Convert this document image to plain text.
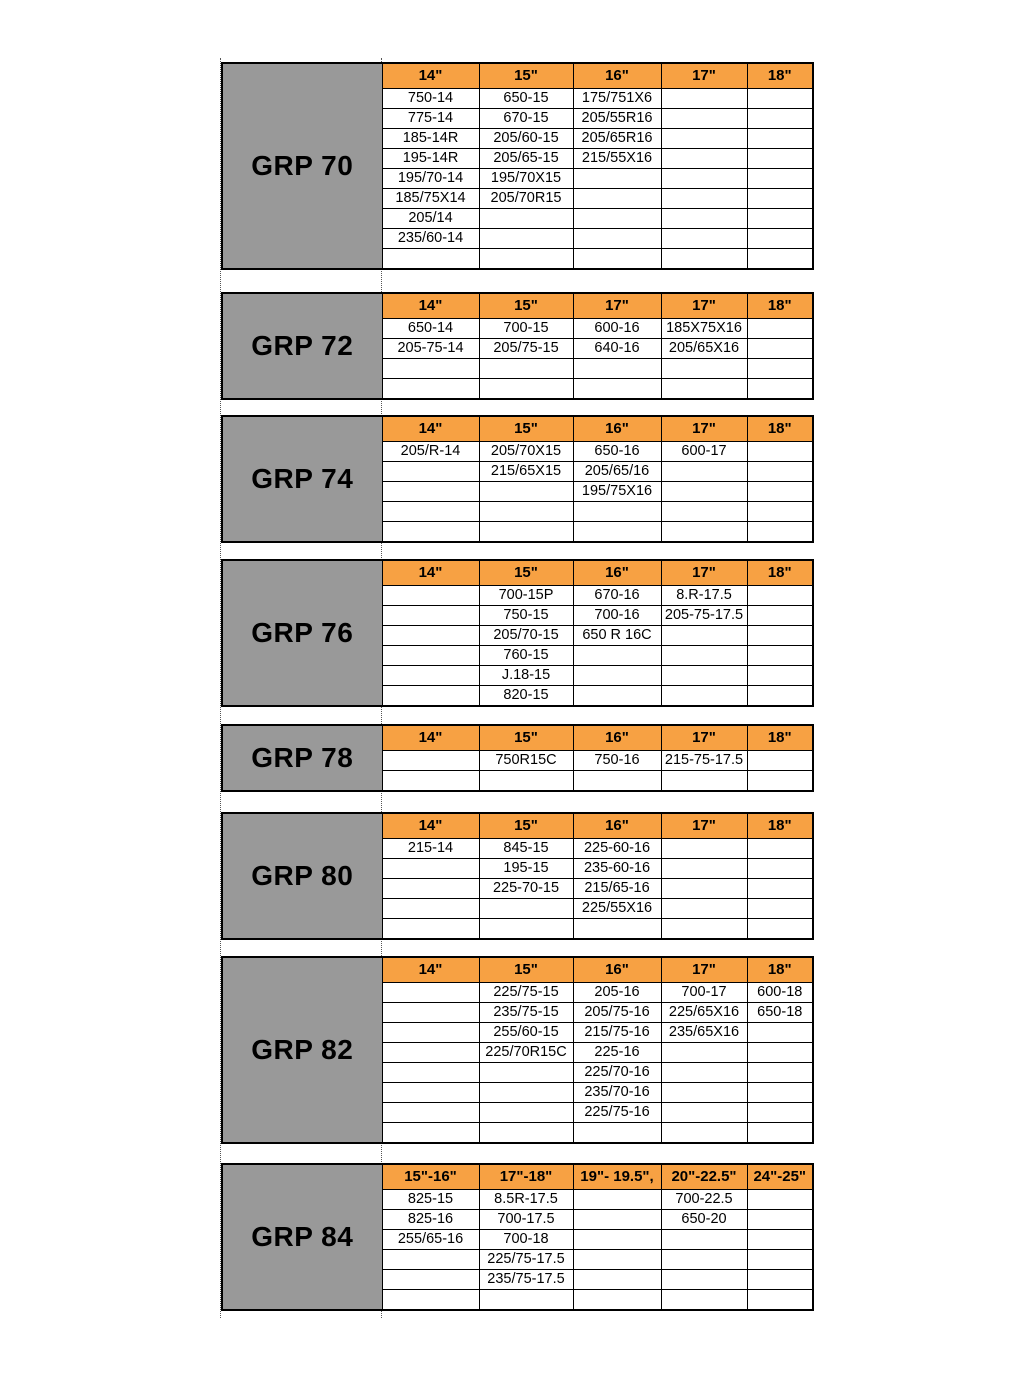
GRP 70	14"	15"	16"	17"	18"
	750-14	650-15	175/751X6		
	775-14	670-15	205/55R16		
	185-14R	205/60-15	205/65R16		
	195-14R	205/65-15	215/55X16		
	195/70-14	195/70X15			
	185/75X14	205/70R15			
	205/14				
	235/60-14				

GRP 72	14"	15"	17"	17"	18"
	650-14	700-15	600-16	185X75X16	
	205-75-14	205/75-15	640-16	205/65X16	

GRP 74	14"	15"	16"	17"	18"
	205/R-14	205/70X15	650-16	600-17	
		215/65X15	205/65/16		
			195/75X16		

GRP 76	14"	15"	16"	17"	18"
		700-15P	670-16	8.R-17.5	
		750-15	700-16	205-75-17.5	
		205/70-15	650 R 16C		
		760-15			
		J.18-15			
		820-15			
GRP 78	14"	15"	16"	17"	18"
		750R15C	750-16	215-75-17.5	

GRP 80	14"	15"	16"	17"	18"
	215-14	845-15	225-60-16		
		195-15	235-60-16		
		225-70-15	215/65-16		
			225/55X16		

GRP 82	14"	15"	16"	17"	18"
		225/75-15	205-16	700-17	600-18
		235/75-15	205/75-16	225/65X16	650-18
		255/60-15	215/75-16	235/65X16	
		225/70R15C	225-16		
			225/70-16		
			235/70-16		
			225/75-16		

GRP 84	15"-16"	17"-18"	19"- 19.5",	20"-22.5"	24"-25"
	825-15	8.5R-17.5		700-22.5	
	825-16	700-17.5		650-20	
	255/65-16	700-18			
		225/75-17.5			
		235/75-17.5			
